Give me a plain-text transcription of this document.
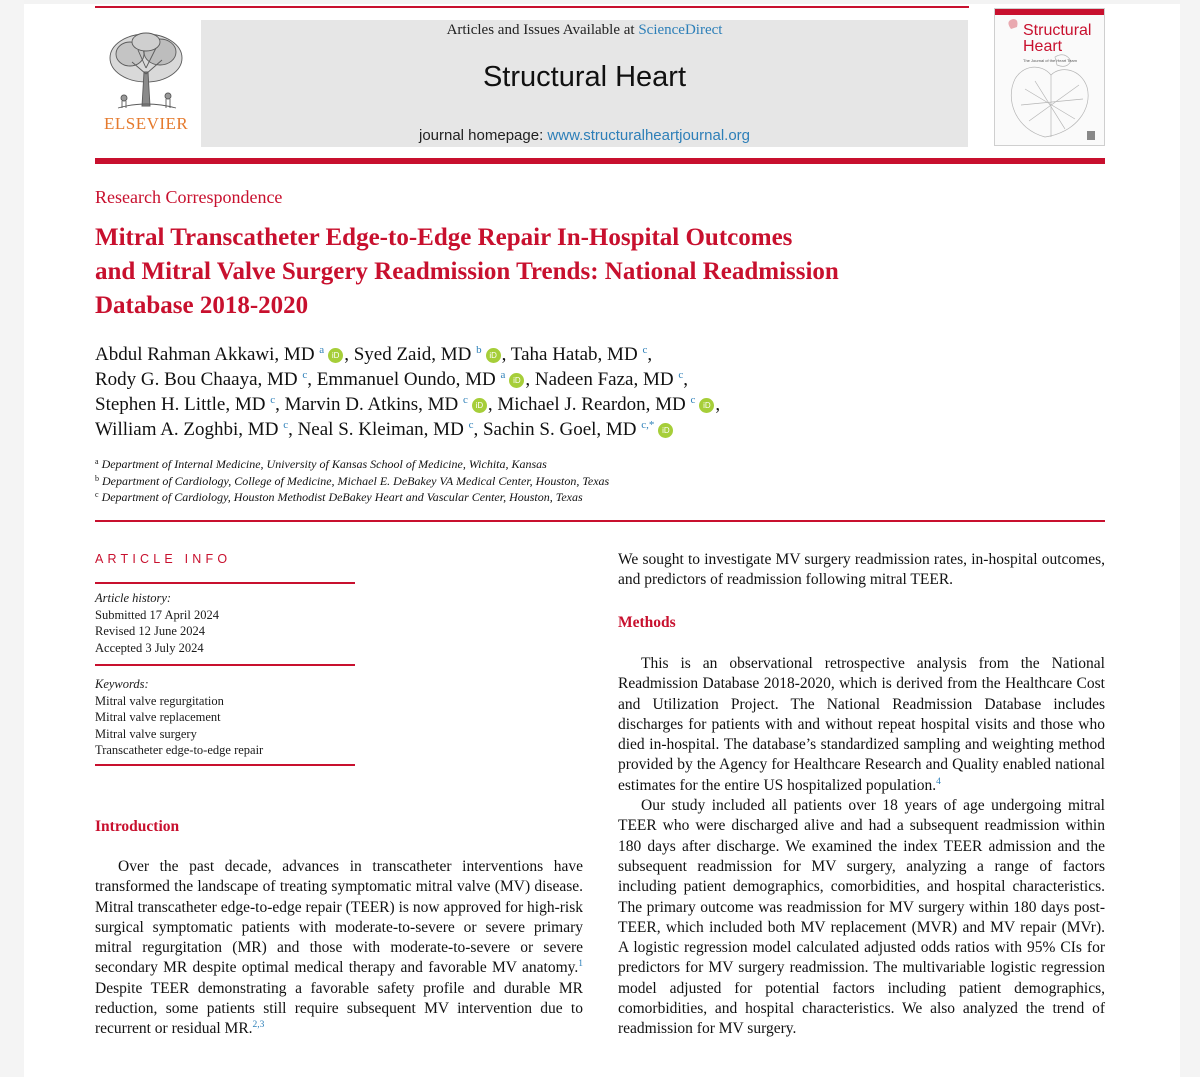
ELSEVIER
Articles and Issues Available at ScienceDirect
Structural Heart
journal homepage: www.structuralheartjournal.org
Structural
Heart
The Journal of the Heart Team
Research Correspondence
Mitral Transcatheter Edge-to-Edge Repair In-Hospital Outcomes
and Mitral Valve Surgery Readmission Trends: National Readmission
Database 2018-2020
Abdul Rahman Akkawi, MD $^a$ iD , Syed Zaid, MD $^b$ iD , Taha Hatab, MD $^c$,
Rody G. Bou Chaaya, MD $^c$, Emmanuel Oundo, MD $^a$ iD , Nadeen Faza, MD $^c$,
Stephen H. Little, MD $^c$, Marvin D. Atkins, MD $^c$ iD , Michael J. Reardon, MD $^c$ iD ,
William A. Zoghbi, MD $^c$, Neal S. Kleiman, MD $^c$, Sachin S. Goel, MD $^{c,*}$ iD
$^a$ Department of Internal Medicine, University of Kansas School of Medicine, Wichita, Kansas
$^b$ Department of Cardiology, College of Medicine, Michael E. DeBakey VA Medical Center, Houston, Texas
$^c$ Department of Cardiology, Houston Methodist DeBakey Heart and Vascular Center, Houston, Texas
ARTICLE INFO
Article history:
Submitted 17 April 2024
Revised 12 June 2024
Accepted 3 July 2024
Keywords:
Mitral valve regurgitation
Mitral valve replacement
Mitral valve surgery
Transcatheter edge-to-edge repair
Introduction

Over the past decade, advances in transcatheter interventions have transformed the landscape of treating symptomatic mitral valve (MV) disease. Mitral transcatheter edge-to-edge repair (TEER) is now approved for high-risk surgical symptomatic patients with moderate-to-severe or severe primary mitral regurgitation (MR) and those with moderate-to-severe or severe secondary MR despite optimal medical therapy and favorable MV anatomy.$^1$ Despite TEER demonstrating a favorable safety profile and durable MR reduction, some patients still require subsequent MV intervention due to recurrent or residual MR.$^{2,3}$

We sought to investigate MV surgery readmission rates, in-hospital outcomes, and predictors of readmission following mitral TEER.

Methods

This is an observational retrospective analysis from the National Readmission Database 2018-2020, which is derived from the Healthcare Cost and Utilization Project. The National Readmission Database includes discharges for patients with and without repeat hospital visits and those who died in-hospital. The database’s standardized sampling and weighting method provided by the Agency for Healthcare Research and Quality enabled national estimates for the entire US hospitalized population.$^4$

Our study included all patients over 18 years of age undergoing mitral TEER who were discharged alive and had a subsequent readmission within 180 days after discharge. We examined the index TEER admission and the subsequent readmission for MV surgery, analyzing a range of factors including patient demographics, comorbidities, and hospital characteristics. The primary outcome was readmission for MV surgery within 180 days post-TEER, which included both MV replacement (MVR) and MV repair (MVr). A logistic regression model calculated adjusted odds ratios with 95% CIs for predictors for MV surgery readmission. The multivariable logistic regression model adjusted for potential factors including patient demographics, comorbidities, and hospital characteristics. We also analyzed the trend of readmission for MV surgery.
